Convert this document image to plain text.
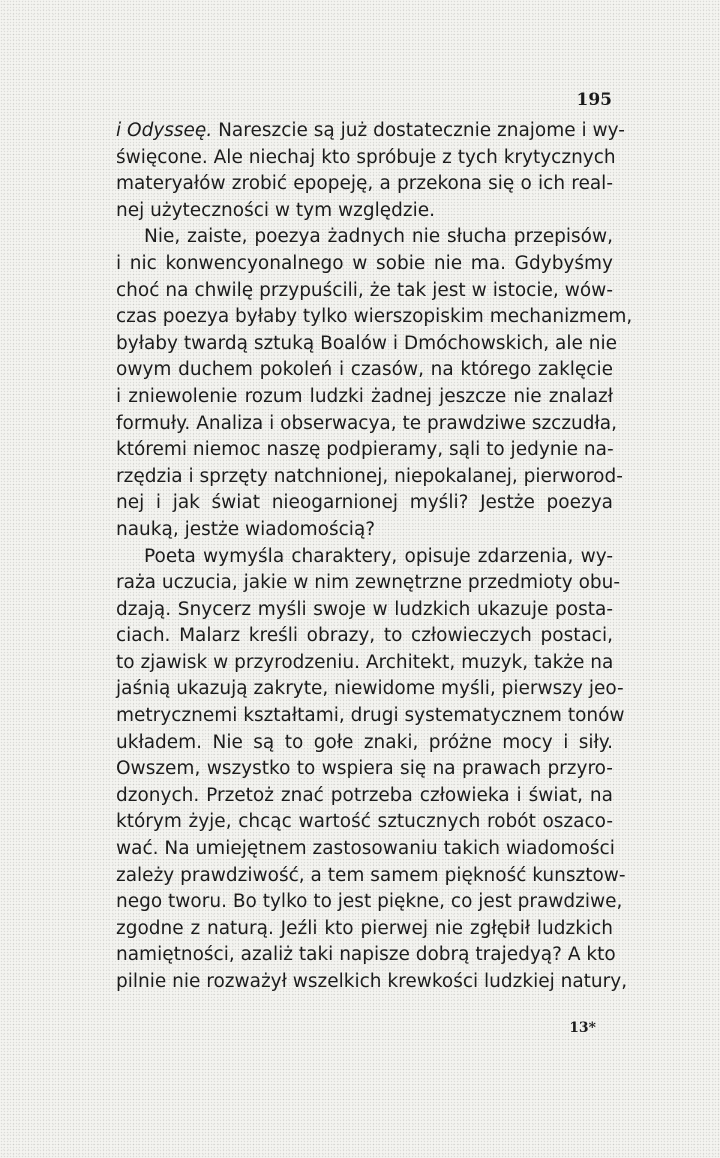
195
i Odysseę. Nareszcie są już dostatecznie znajome i wy-
święcone. Ale niechaj kto spróbuje z tych krytycznych
materyałów zrobić epopeję, a przekona się o ich real-
nej użyteczności w tym względzie.
Nie, zaiste, poezya żadnych nie słucha przepisów,
i nic konwencyonalnego w sobie nie ma. Gdybyśmy
choć na chwilę przypuścili, że tak jest w istocie, wów-
czas poezya byłaby tylko wierszopiskim mechanizmem,
byłaby twardą sztuką Boalów i Dmóchowskich, ale nie
owym duchem pokoleń i czasów, na którego zaklęcie
i zniewolenie rozum ludzki żadnej jeszcze nie znalazł
formuły. Analiza i obserwacya, te prawdziwe szczudła,
któremi niemoc naszę podpieramy, sąli to jedynie na-
rzędzia i sprzęty natchnionej, niepokalanej, pierworod-
nej i jak świat nieogarnionej myśli? Jestże poezya
nauką, jestże wiadomością?
Poeta wymyśla charaktery, opisuje zdarzenia, wy-
raża uczucia, jakie w nim zewnętrzne przedmioty obu-
dzają. Snycerz myśli swoje w ludzkich ukazuje posta-
ciach. Malarz kreśli obrazy, to człowieczych postaci,
to zjawisk w przyrodzeniu. Architekt, muzyk, także na
jaśnią ukazują zakryte, niewidome myśli, pierwszy jeo-
metrycznemi kształtami, drugi systematycznem tonów
układem. Nie są to gołe znaki, próżne mocy i siły.
Owszem, wszystko to wspiera się na prawach przyro-
dzonych. Przetoż znać potrzeba człowieka i świat, na
którym żyje, chcąc wartość sztucznych robót oszaco-
wać. Na umiejętnem zastosowaniu takich wiadomości
zależy prawdziwość, a tem samem piękność kunsztow-
nego tworu. Bo tylko to jest piękne, co jest prawdziwe,
zgodne z naturą. Jeźli kto pierwej nie zgłębił ludzkich
namiętności, azaliż taki napisze dobrą trajedyą? A kto
pilnie nie rozważył wszelkich krewkości ludzkiej natury,
13*
